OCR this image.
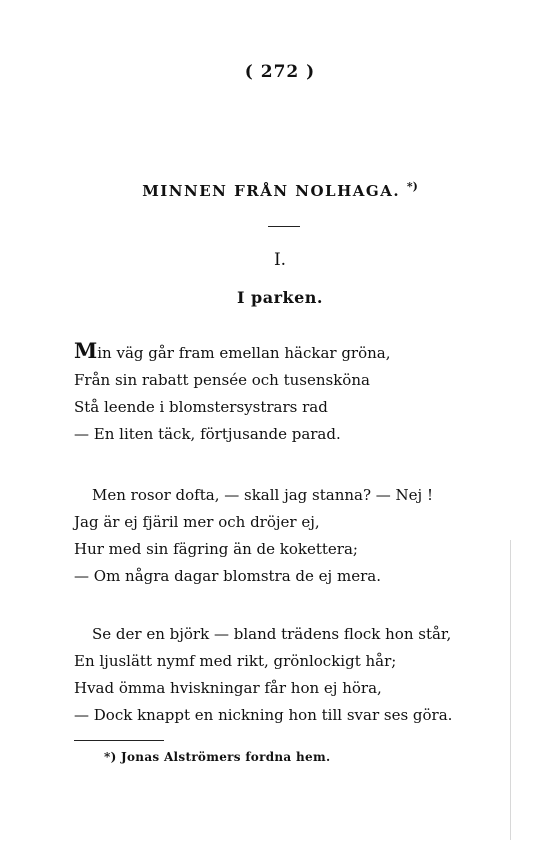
( 272 )
MINNEN FRÅN NOLHAGA. *)
I.
I parken.
Min väg går fram emellan häckar gröna,
Från sin rabatt pensée och tusensköna
Stå leende i blomstersystrars rad
— En liten täck, förtjusande parad.
Men rosor dofta, — skall jag stanna? — Nej !
Jag är ej fjäril mer och dröjer ej,
Hur med sin fägring än de kokettera;
— Om några dagar blomstra de ej mera.
Se der en björk — bland trädens flock hon står,
En ljuslätt nymf med rikt, grönlockigt hår;
Hvad ömma hviskningar får hon ej höra,
— Dock knappt en nickning hon till svar ses göra.
*) Jonas Alströmers fordna hem.
